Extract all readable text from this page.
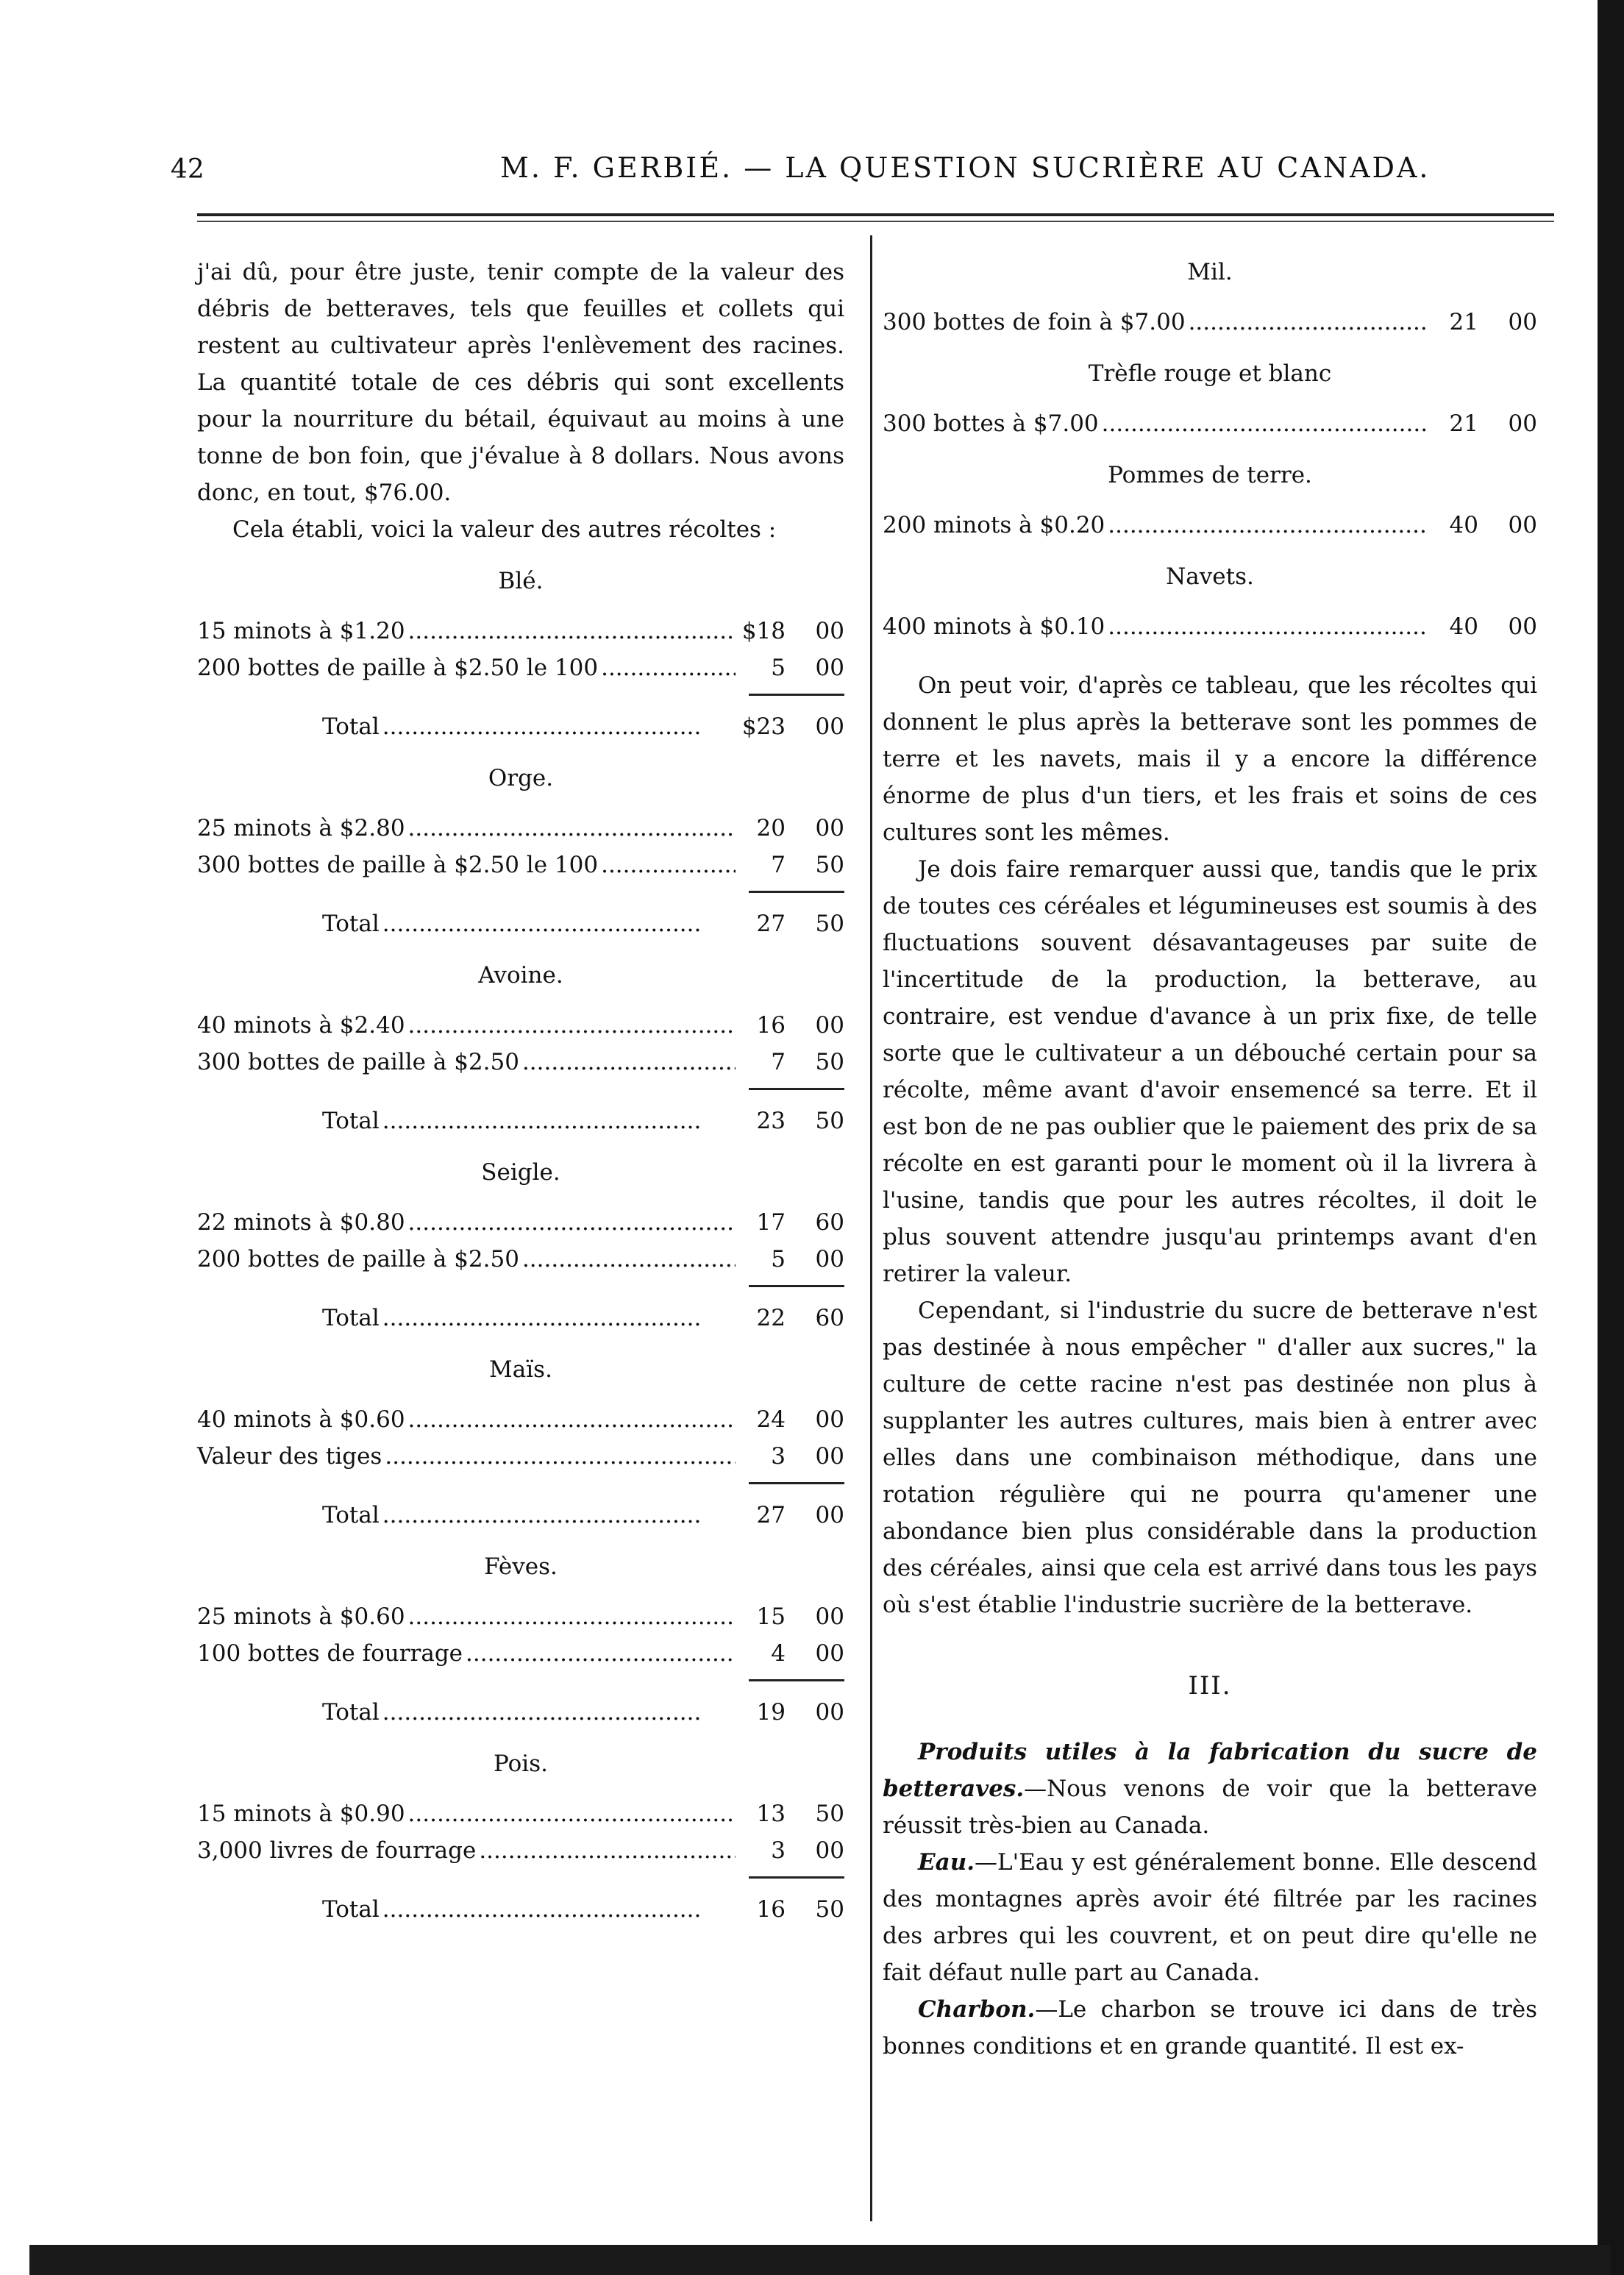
42	M. F. GERBIÉ. — LA QUESTION SUCRIÈRE AU CANADA.

j'ai dû, pour être juste, tenir compte de la valeur des débris de betteraves, tels que feuilles et collets qui restent au cultivateur après l'enlèvement des racines. La quantité totale de ces débris qui sont excellents pour la nourriture du bétail, équivaut au moins à une tonne de bon foin, que j'évalue à 8 dollars. Nous avons donc, en tout, $76.00.

Cela établi, voici la valeur des autres récoltes :

Blé.
15 minots à $1.20 .....	$18	00
200 bottes de paille à $2.50 le 100 .....	5	00
Total .....	$23	00
Orge.
25 minots à $2.80 .....	20	00
300 bottes de paille à $2.50 le 100 .....	7	50
Total .....	27	50
Avoine.
40 minots à $2.40 .....	16	00
300 bottes de paille à $2.50 .....	7	50
Total .....	23	50
Seigle.
22 minots à $0.80 .....	17	60
200 bottes de paille à $2.50 .....	5	00
Total .....	22	60
Maïs.
40 minots à $0.60 .....	24	00
Valeur des tiges .....	3	00
Total .....	27	00
Fèves.
25 minots à $0.60 .....	15	00
100 bottes de fourrage .....	4	00
Total .....	19	00
Pois.
15 minots à $0.90 .....	13	50
3,000 livres de fourrage .....	3	00
Total .....	16	50
Mil.
300 bottes de foin à $7.00 .....	21	00
Trèfle rouge et blanc
300 bottes à $7.00 .....	21	00
Pommes de terre.
200 minots à $0.20 .....	40	00
Navets.
400 minots à $0.10 .....	40	00

On peut voir, d'après ce tableau, que les récoltes qui donnent le plus après la betterave sont les pommes de terre et les navets, mais il y a encore la différence énorme de plus d'un tiers, et les frais et soins de ces cultures sont les mêmes.

Je dois faire remarquer aussi que, tandis que le prix de toutes ces céréales et légumineuses est soumis à des fluctuations souvent désavantageuses par suite de l'incertitude de la production, la betterave, au contraire, est vendue d'avance à un prix fixe, de telle sorte que le cultivateur a un débouché certain pour sa récolte, même avant d'avoir ensemencé sa terre. Et il est bon de ne pas oublier que le paiement des prix de sa récolte en est garanti pour le moment où il la livrera à l'usine, tandis que pour les autres récoltes, il doit le plus souvent attendre jusqu'au printemps avant d'en retirer la valeur.

Cependant, si l'industrie du sucre de betterave n'est pas destinée à nous empêcher " d'aller aux sucres," la culture de cette racine n'est pas destinée non plus à supplanter les autres cultures, mais bien à entrer avec elles dans une combinaison méthodique, dans une rotation régulière qui ne pourra qu'amener une abondance bien plus considérable dans la production des céréales, ainsi que cela est arrivé dans tous les pays où s'est établie l'industrie sucrière de la betterave.

III.

Produits utiles à la fabrication du sucre de betteraves.—Nous venons de voir que la betterave réussit très-bien au Canada.

Eau.—L'Eau y est généralement bonne. Elle descend des montagnes après avoir été filtrée par les racines des arbres qui les couvrent, et on peut dire qu'elle ne fait défaut nulle part au Canada.

Charbon.—Le charbon se trouve ici dans de très bonnes conditions et en grande quantité. Il est ex-
